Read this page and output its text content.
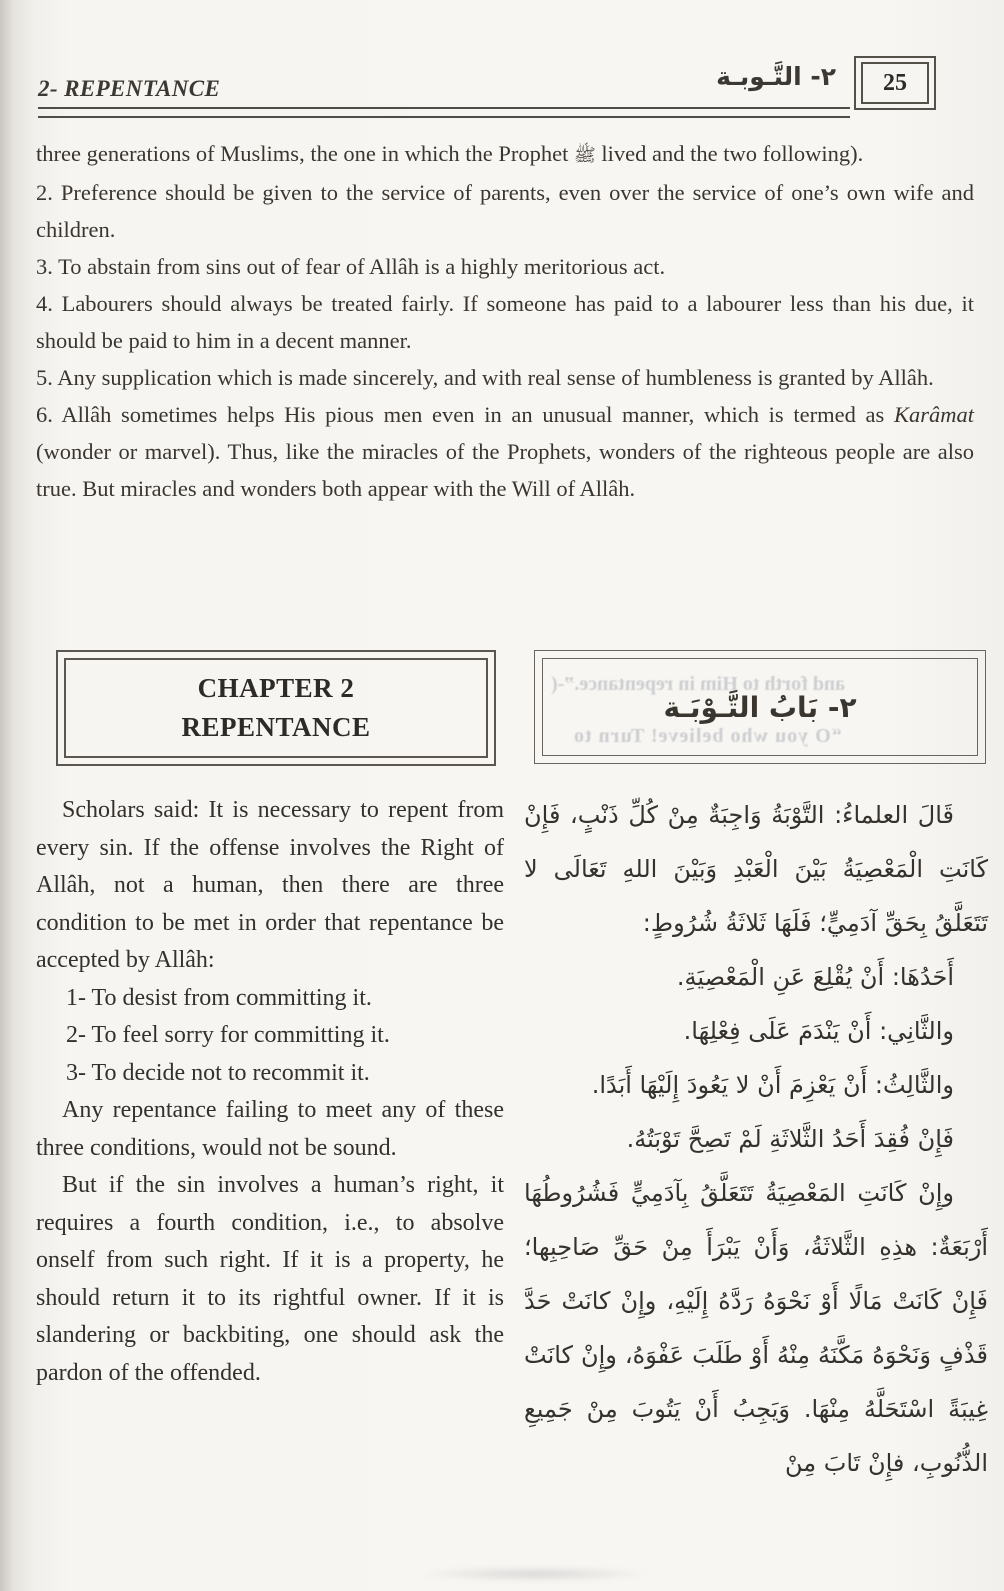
2- REPENTANCE	٢- التَّـوبـة	25

three generations of Muslims, the one in which the Prophet ﷺ lived and the two following).

2. Preference should be given to the service of parents, even over the service of one’s own wife and children.

3. To abstain from sins out of fear of Allâh is a highly meritorious act.

4. Labourers should always be treated fairly. If someone has paid to a labourer less than his due, it should be paid to him in a decent manner.

5. Any supplication which is made sincerely, and with real sense of humbleness is granted by Allâh.

6. Allâh sometimes helps His pious men even in an unusual manner, which is termed as Karâmat (wonder or marvel). Thus, like the miracles of the Prophets, wonders of the righteous people are also true. But miracles and wonders both appear with the Will of Allâh.

CHAPTER 2
REPENTANCE
and forth to Him in repentance.”-(
“O you who believe! Turn to
٢- بَابُ التَّـوْبَـة

Scholars said: It is necessary to repent from every sin. If the offense involves the Right of Allâh, not a human, then there are three condition to be met in order that repentance be accepted by Allâh:

1- To desist from committing it.

2- To feel sorry for committing it.

3- To decide not to recommit it.

Any repentance failing to meet any of these three conditions, would not be sound.

But if the sin involves a human’s right, it requires a fourth condition, i.e., to absolve onself from such right. If it is a property, he should return it to its rightful owner. If it is slandering or backbiting, one should ask the pardon of the offended.

قَالَ العلماءُ: التَّوْبَةُ وَاجِبَةٌ مِنْ كُلِّ ذَنْبٍ، فَإِنْ كَانَتِ الْمَعْصِيَةُ بَيْنَ الْعَبْدِ وَبَيْنَ اللهِ تَعَالَى لا تَتَعَلَّقُ بِحَقِّ آدَمِيٍّ؛ فَلَهَا ثَلاثَةُ شُرُوطٍ:

أَحَدُهَا: أَنْ يُقْلِعَ عَنِ الْمَعْصِيَةِ.

والثَّانِي: أَنْ يَنْدَمَ عَلَى فِعْلِهَا.

والثَّالِثُ: أَنْ يَعْزِمَ أَنْ لا يَعُودَ إِلَيْهَا أَبَدًا.

فَإِنْ فُقِدَ أَحَدُ الثَّلاثَةِ لَمْ تَصِحَّ تَوْبَتُهُ.

وإِنْ كَانَتِ المَعْصِيَةُ تَتَعَلَّقُ بِآدَمِيٍّ فَشُرُوطُهَا أَرْبَعَةٌ: هذِهِ الثَّلاثَةُ، وَأَنْ يَبْرَأَ مِنْ حَقِّ صَاحِبِها؛ فَإِنْ كَانَتْ مَالًا أَوْ نَحْوَهُ رَدَّهُ إِلَيْهِ، وإِنْ كانَتْ حَدَّ قَذْفٍ وَنَحْوَهُ مَكَّنَهُ مِنْهُ أَوْ طَلَبَ عَفْوَهُ، وإِنْ كانَتْ غِيبَةً اسْتَحَلَّهُ مِنْهَا. وَيَجِبُ أَنْ يَتُوبَ مِنْ جَمِيعِ الذُّنُوبِ، فإِنْ تَابَ مِنْ
